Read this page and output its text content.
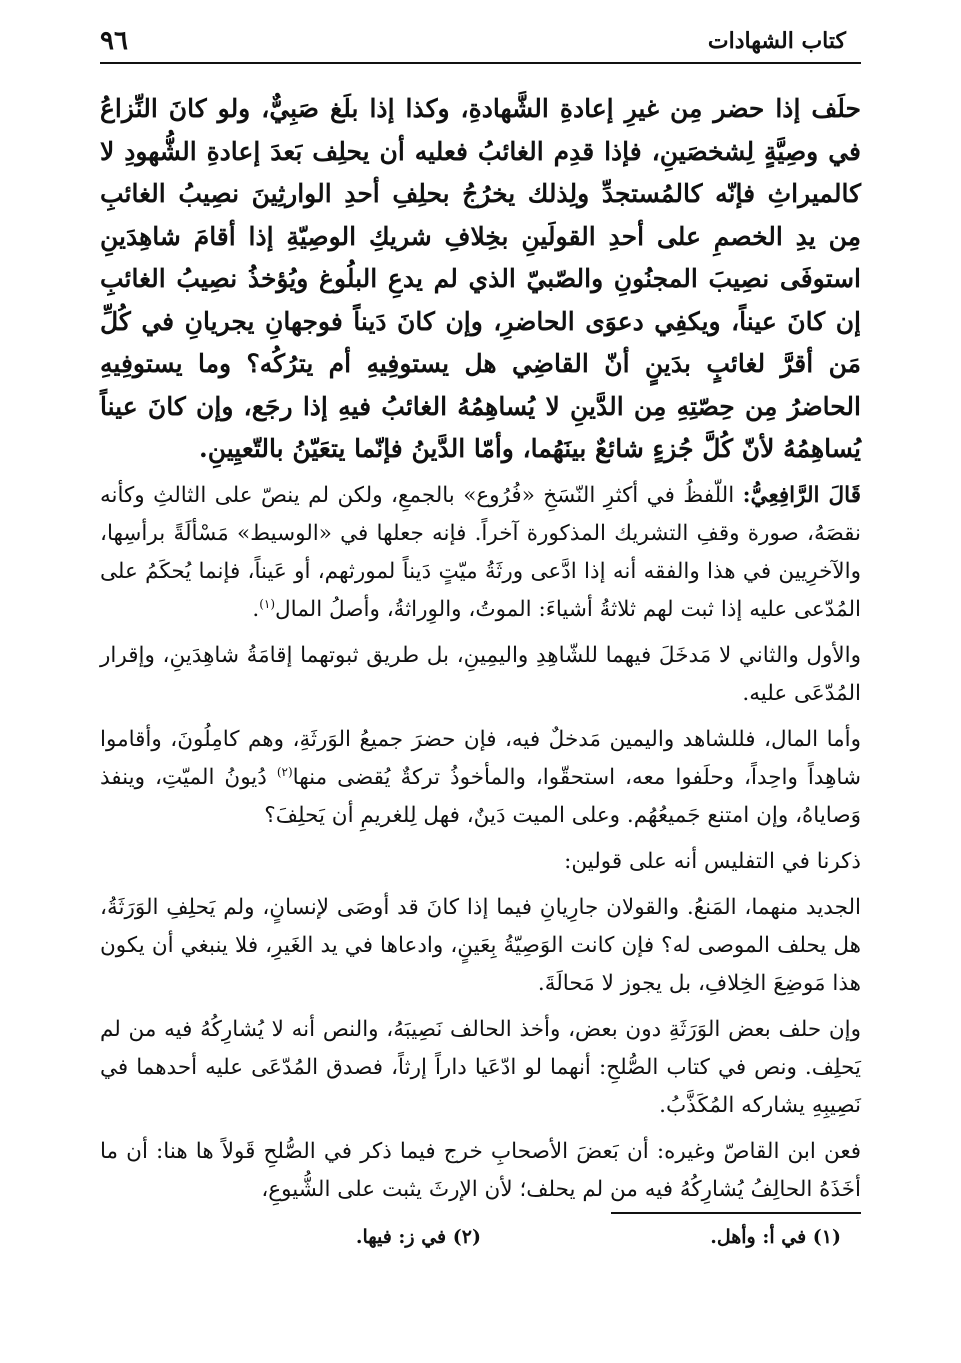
كتاب الشهادات
٩٦

حلَف إذا حضر مِن غيرِ إعادةِ الشَّهادةِ، وكذا إذا بلَغ صَبِيٌّ، ولو كانَ النِّزاعُ في وصِيَّةٍ لِشخصَينِ، فإذا قدِم الغائبُ فعليه أن يحلِف بَعدَ إعادةِ الشُّهودِ لا كالميراثِ فإنّه كالمُستجدِّ ولِذلك يخرُجُ بحلِفِ أحدِ الوارثِينَ نصِيبُ الغائبِ مِن يدِ الخصمِ على أحدِ القولَينِ بخِلافِ شريكِ الوصِيّةِ إذا أقامَ شاهِدَينِ استوفَى نصِيبَ المجنُونِ والصّبيّ الذي لم يدعِ البلُوغ ويُؤخذُ نصِيبُ الغائبِ إن كانَ عيناً، ويكفِي دعوَى الحاضرِ، وإن كانَ دَيناً فوجهانِ يجريانِ في كُلِّ مَن أقرَّ لغائبٍ بدَينٍ أنّ القاضِي هل يستوفِيهِ أم يترُكُه؟ وما يستوفِيهِ الحاضرُ مِن حِصّتِهِ مِن الدَّينِ لا يُساهِمُهُ الغائبُ فيهِ إذا رجَع، وإن كانَ عيناً يُساهِمُهُ لأنّ كُلَّ جُزءٍ شائعٌ بينَهُما، وأمّا الدَّينُ فإنّما يتعَيّنُ بالتّعيِينِ.

قَالَ الرَّافِعِيُّ: اللّفظُ في أكثرِ النّسَخِ «فُرُوع» بالجمعِ، ولكن لم ينصّ على الثالثِ وكأنه نقصَهُ، صورة وقفِ التشريك المذكورة آخراً. فإنه جعلها في «الوسيط» مَسْألَةً برأسِها، والآخرِيين في هذا والفقه أنه إذا ادَّعى ورثَةُ ميّتٍ دَيناً لمورثهم، أو عَيناً، فإنما يُحكَمُ على المُدّعى عليه إذا ثبت لهم ثلاثةُ أشياءَ: الموتُ، والوِراثةُ، وأصلُ المال$^{(١)}$.

والأول والثاني لا مَدخَلَ فيهما للشّاهِدِ واليمِينِ، بل طريق ثبوتهما إقامَةُ شاهِدَينِ، وإقرار المُدّعَى عليه.

وأما المال، فللشاهد واليمين مَدخلٌ فيه، فإن حضرَ جميعُ الوَرثَةِ، وهم كامِلُونَ، وأقاموا شاهِداً واحِداً، وحلَفوا معه، استحقّوا، والمأخوذُ تركةٌ يُقضى منها$^{(٢)}$ دُيونُ الميّتِ، وينفذ وَصاياهُ، وإن امتنع جَميعُهُم. وعلى الميت دَينٌ، فهل لِلغريمِ أن يَحلِفَ؟

ذكرنا في التفليس أنه على قولين:

الجديد منهما، المَنعُ. والقولان جارِيانِ فيما إذا كانَ قد أوصَى لإنسانٍ، ولم يَحلِفِ الوَرَثَةُ، هل يحلف الموصى له؟ فإن كانت الوَصِيّةُ بِعَينٍ، وادعاها في يد الغَيرِ، فلا ينبغي أن يكون هذا مَوضِعَ الخِلافِ، بل يجوز لا مَحالَةَ.

وإن حلف بعض الوَرَثَةِ دون بعض، وأخذ الحالف نَصِيبَهُ، والنص أنه لا يُشارِكُهُ فيه من لم يَحلِف. ونص في كتاب الصُّلحِ: أنهما لو ادّعَيا داراً إرثاً، فصدق المُدّعَى عليه أحدهما في نَصِيبِهِ يشاركه المُكَذَّبُ.

فعن ابن القاصّ وغيره: أن بَعضَ الأصحابِ خرج فيما ذكر في الصُّلحِ قَولاً ها هنا: أن ما أخَذَهُ الحالِفُ يُشارِكُهُ فيه من لم يحلف؛ لأن الإرثَ يثبت على الشُّيوعِ،

(١) في أ: وأهل.
(٢) في ز: فيها.
